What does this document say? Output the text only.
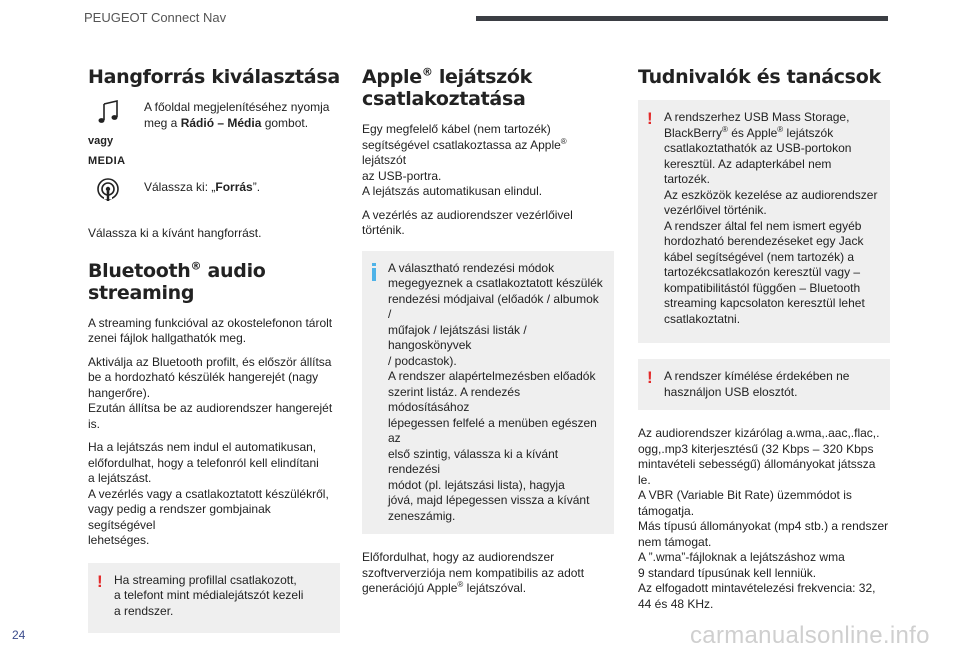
PEUGEOT Connect Nav
Hangforrás kiválasztása
vagy
MEDIA
A főoldal megjelenítéséhez nyomja
meg a Rádió – Média gombot.
Válassza ki: „Forrás”.

Válassza ki a kívánt hangforrást.

Bluetooth® audio streaming

A streaming funkcióval az okostelefonon tárolt
zenei fájlok hallgathatók meg.

Aktiválja az Bluetooth profilt, és először állítsa
be a hordozható készülék hangerejét (nagy
hangerőre).
Ezután állítsa be az audiorendszer hangerejét is.

Ha a lejátszás nem indul el automatikusan,
előfordulhat, hogy a telefonról kell elindítani
a lejátszást.
A vezérlés vagy a csatlakoztatott készülékről,
vagy pedig a rendszer gombjainak segítségével
lehetséges.

! Ha streaming profillal csatlakozott,
a telefont mint médialejátszót kezeli
a rendszer.
Apple® lejátszók csatlakoztatása

Egy megfelelő kábel (nem tartozék)
segítségével csatlakoztassa az Apple® lejátszót
az USB-portra.
A lejátszás automatikusan elindul.

A vezérlés az audiorendszer vezérlőivel
történik.

A választható rendezési módok
megegyeznek a csatlakoztatott készülék
rendezési módjaival (előadók / albumok /
műfajok / lejátszási listák / hangoskönyvek
/ podcastok).
A rendszer alapértelmezésben előadók
szerint listáz. A rendezés módosításához
lépegessen felfelé a menüben egészen az
első szintig, válassza ki a kívánt rendezési
módot (pl. lejátszási lista), hagyja
jóvá, majd lépegessen vissza a kívánt
zeneszámig.

Előfordulhat, hogy az audiorendszer
szoftververziója nem kompatibilis az adott
generációjú Apple® lejátszóval.

Tudnivalók és tanácsok
! A rendszerhez USB Mass Storage,
BlackBerry® és Apple® lejátszók
csatlakoztathatók az USB-portokon
keresztül. Az adapterkábel nem tartozék.
Az eszközök kezelése az audiorendszer
vezérlőivel történik.
A rendszer által fel nem ismert egyéb
hordozható berendezéseket egy Jack
kábel segítségével (nem tartozék) a
tartozékcsatlakozón keresztül vagy –
kompatibilitástól függően – Bluetooth
streaming kapcsolaton keresztül lehet
csatlakoztatni.
! A rendszer kímélése érdekében ne
használjon USB elosztót.

Az audiorendszer kizárólag a.wma,.aac,.flac,.
ogg,.mp3 kiterjesztésű (32 Kbps – 320 Kbps
mintavételi sebességű) állományokat játssza le.
A VBR (Variable Bit Rate) üzemmódot is
támogatja.
Más típusú állományokat (mp4 stb.) a rendszer
nem támogat.
A ”.wma”-fájloknak a lejátszáshoz wma
9 standard típusúnak kell lenniük.
Az elfogadott mintavételezési frekvencia: 32,
44 és 48 KHz.

24	carmanualsonline.info
